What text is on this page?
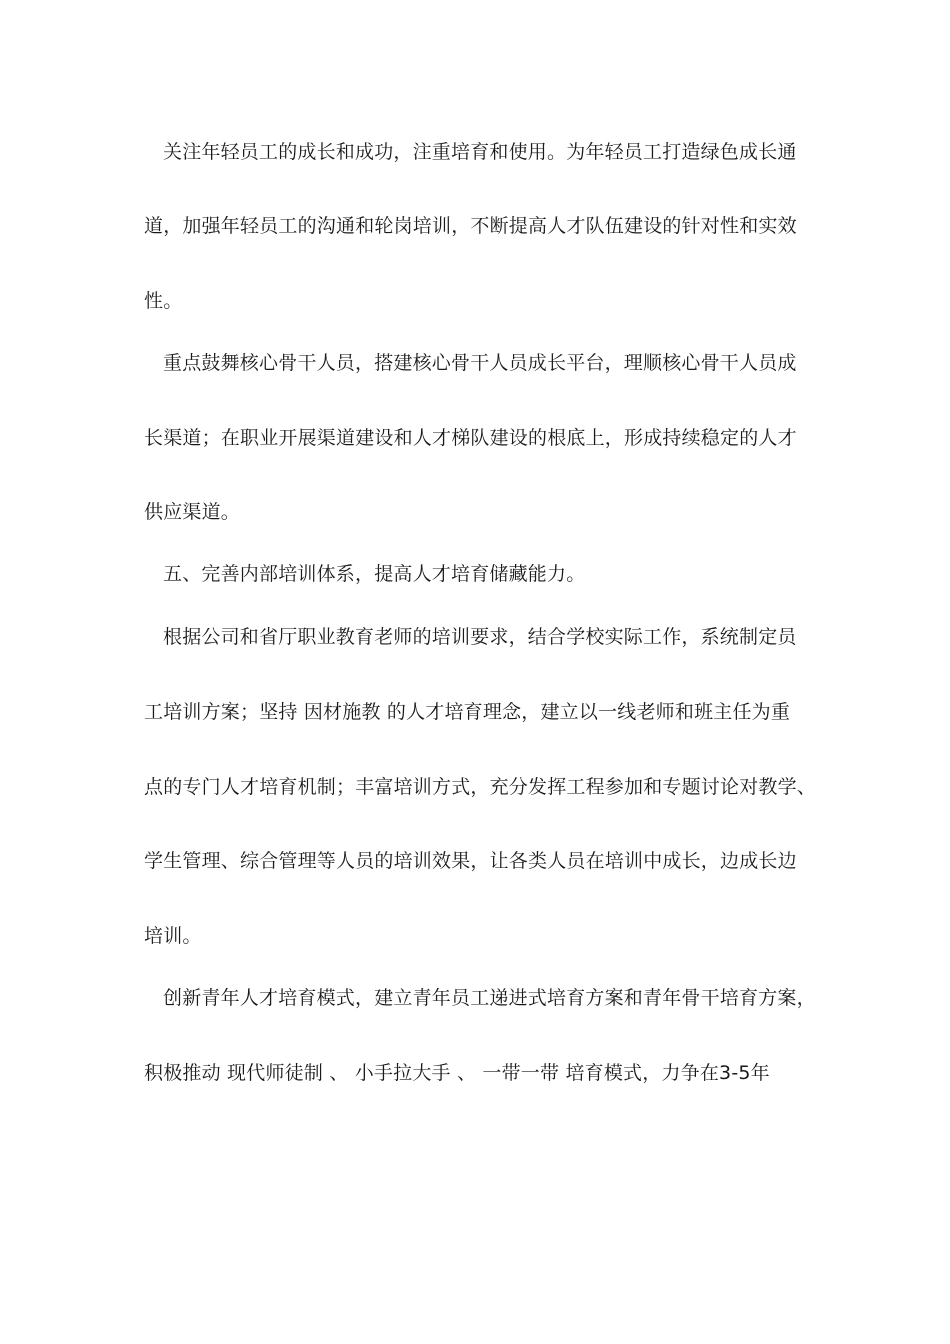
关注年轻员工的成长和成功，注重培育和使用。为年轻员工打造绿色成长通
道，加强年轻员工的沟通和轮岗培训，不断提高人才队伍建设的针对性和实效
性。
重点鼓舞核心骨干人员，搭建核心骨干人员成长平台，理顺核心骨干人员成
长渠道；在职业开展渠道建设和人才梯队建设的根底上，形成持续稳定的人才
供应渠道。
五、完善内部培训体系，提高人才培育储藏能力。
根据公司和省厅职业教育老师的培训要求，结合学校实际工作，系统制定员
工培训方案；坚持 因材施教 的人才培育理念，建立以一线老师和班主任为重
点的专门人才培育机制；丰富培训方式，充分发挥工程参加和专题讨论对教学、
学生管理、综合管理等人员的培训效果，让各类人员在培训中成长，边成长边
培训。
创新青年人才培育模式，建立青年员工递进式培育方案和青年骨干培育方案，
积极推动 现代师徒制 、 小手拉大手 、 一带一带 培育模式，力争在3-5年
